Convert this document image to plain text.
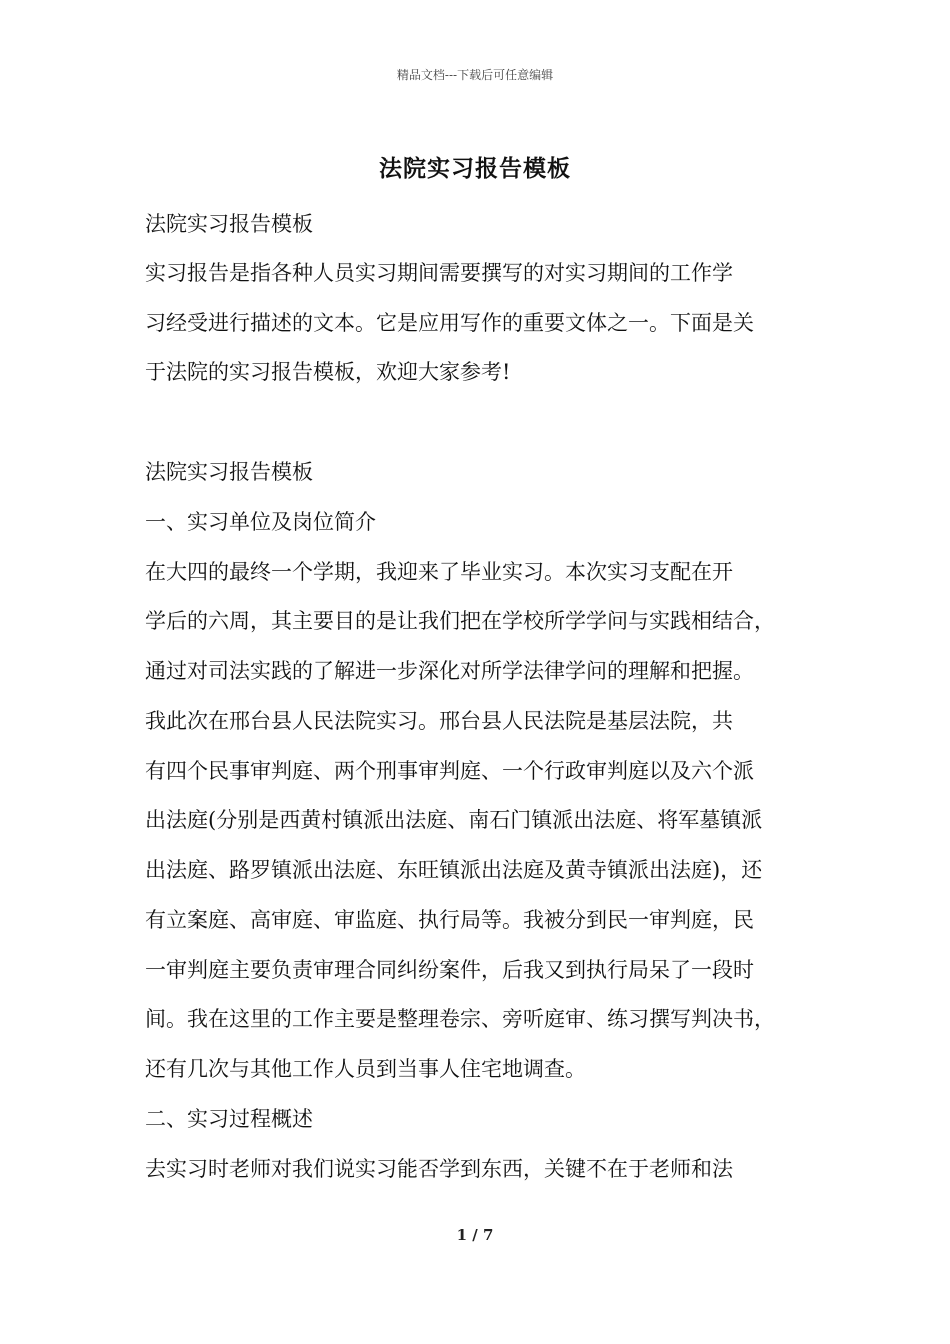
精品文档---下载后可任意编辑
法院实习报告模板
法院实习报告模板
实习报告是指各种人员实习期间需要撰写的对实习期间的工作学
习经受进行描述的文本。它是应用写作的重要文体之一。下面是关
于法院的实习报告模板，欢迎大家参考!
法院实习报告模板
一、实习单位及岗位简介
在大四的最终一个学期，我迎来了毕业实习。本次实习支配在开
学后的六周，其主要目的是让我们把在学校所学学问与实践相结合，
通过对司法实践的了解进一步深化对所学法律学问的理解和把握。
我此次在邢台县人民法院实习。邢台县人民法院是基层法院，共
有四个民事审判庭、两个刑事审判庭、一个行政审判庭以及六个派
出法庭(分别是西黄村镇派出法庭、南石门镇派出法庭、将军墓镇派
出法庭、路罗镇派出法庭、东旺镇派出法庭及黄寺镇派出法庭)，还
有立案庭、高审庭、审监庭、执行局等。我被分到民一审判庭，民
一审判庭主要负责审理合同纠纷案件，后我又到执行局呆了一段时
间。我在这里的工作主要是整理卷宗、旁听庭审、练习撰写判决书，
还有几次与其他工作人员到当事人住宅地调查。
二、实习过程概述
去实习时老师对我们说实习能否学到东西，关键不在于老师和法
1 / 7
